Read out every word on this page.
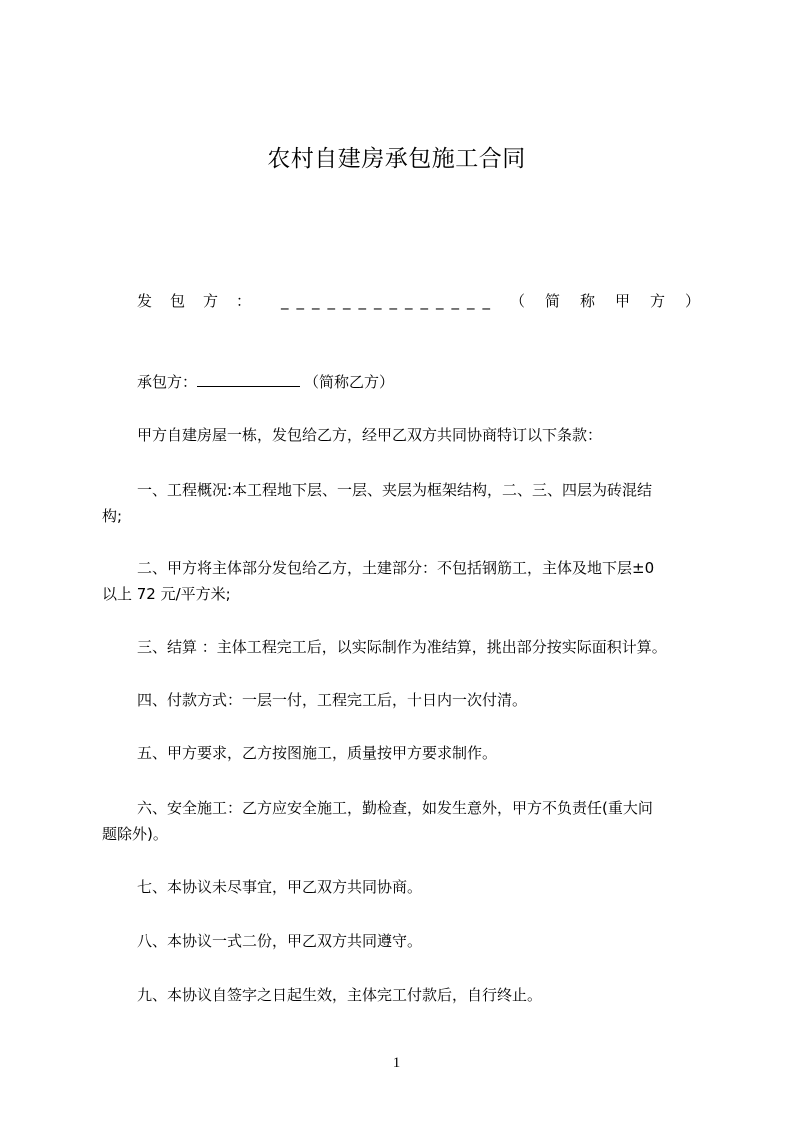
农村自建房承包施工合同
发包方： ______________ （简称甲方）
承包方：	（简称乙方）
甲方自建房屋一栋，发包给乙方，经甲乙双方共同协商特订以下条款：
一、工程概况:本工程地下层、一层、夹层为框架结构，二、三、四层为砖混结
构;
二、甲方将主体部分发包给乙方，土建部分：不包括钢筋工，主体及地下层±0
以上 72 元/平方米;
三、结算 ：主体工程完工后，以实际制作为准结算，挑出部分按实际面积计算。
四、付款方式：一层一付，工程完工后，十日内一次付清。
五、甲方要求，乙方按图施工，质量按甲方要求制作。
六、安全施工：乙方应安全施工，勤检查，如发生意外，甲方不负责任(重大问
题除外)。
七、本协议未尽事宜，甲乙双方共同协商。
八、本协议一式二份，甲乙双方共同遵守。
九、本协议自签字之日起生效，主体完工付款后，自行终止。
1
